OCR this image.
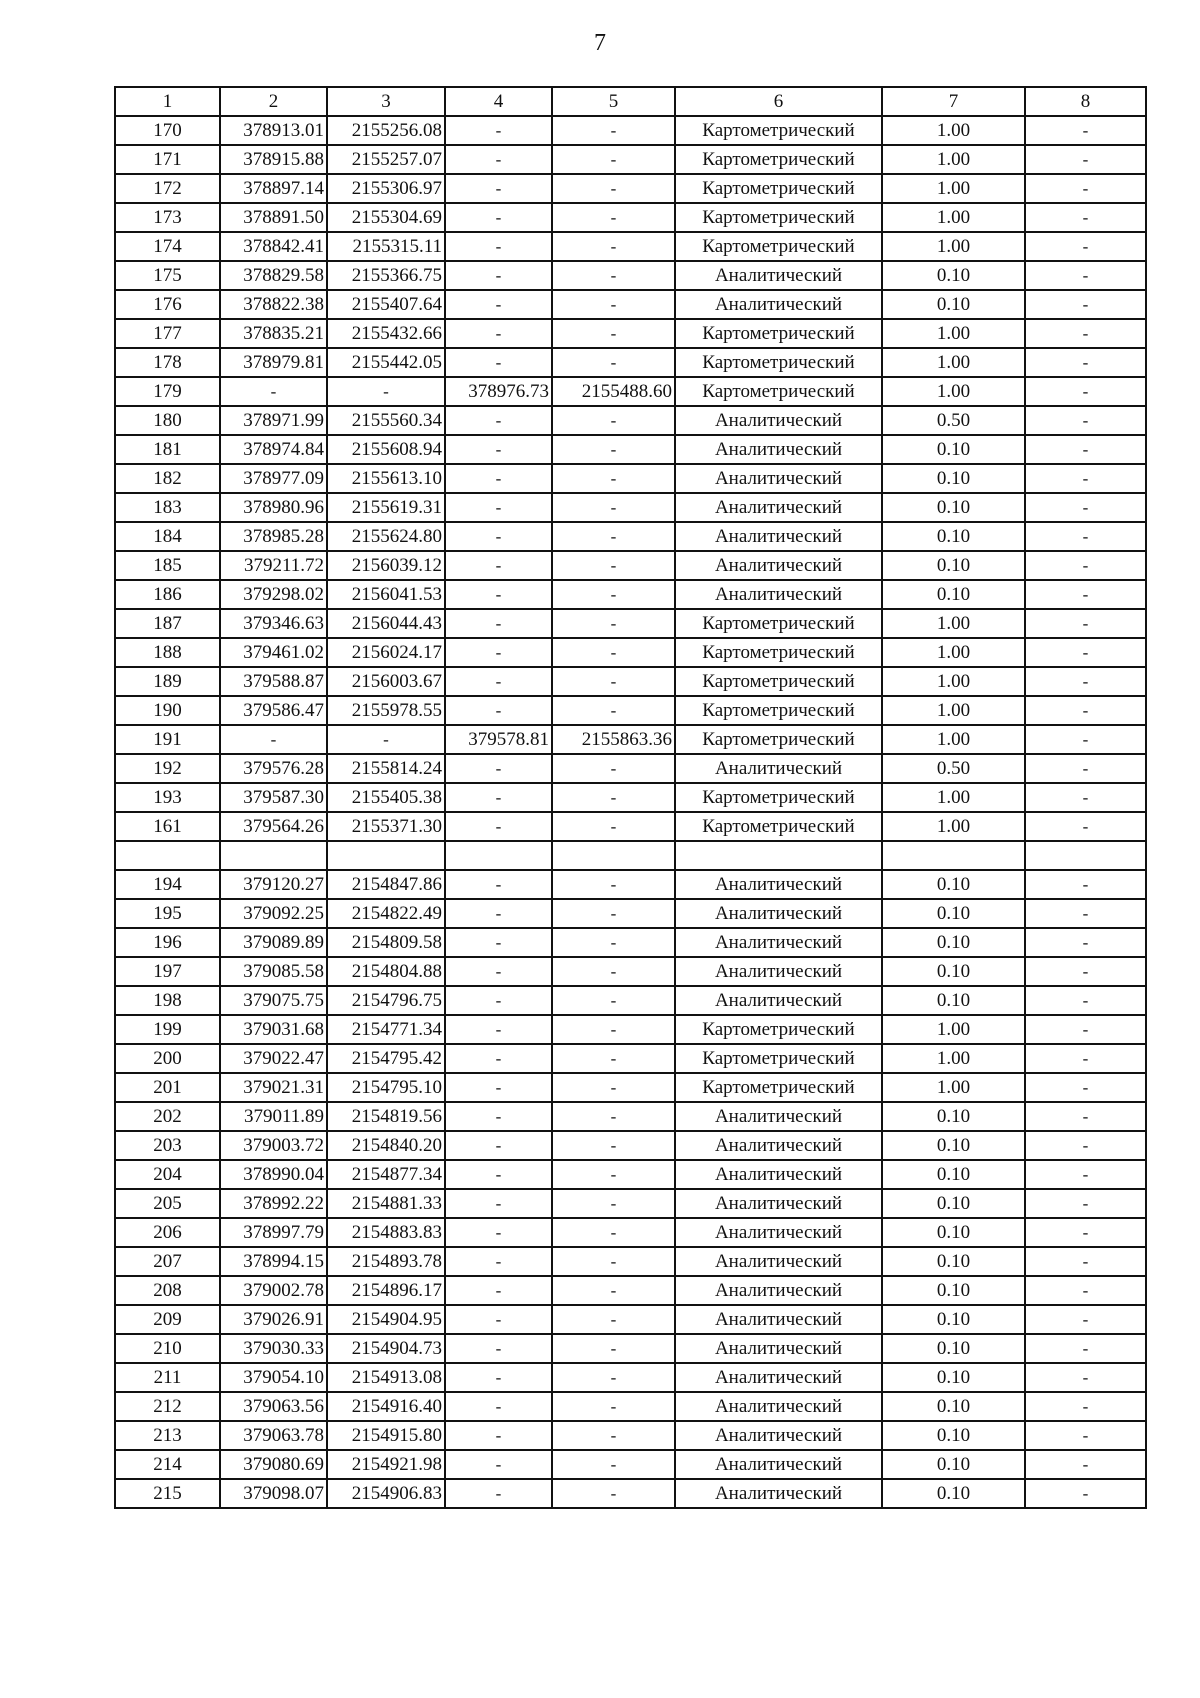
7
1	2	3	4	5	6	7	8
170	378913.01	2155256.08	-	-	Картометрический	1.00	-
171	378915.88	2155257.07	-	-	Картометрический	1.00	-
172	378897.14	2155306.97	-	-	Картометрический	1.00	-
173	378891.50	2155304.69	-	-	Картометрический	1.00	-
174	378842.41	2155315.11	-	-	Картометрический	1.00	-
175	378829.58	2155366.75	-	-	Аналитический	0.10	-
176	378822.38	2155407.64	-	-	Аналитический	0.10	-
177	378835.21	2155432.66	-	-	Картометрический	1.00	-
178	378979.81	2155442.05	-	-	Картометрический	1.00	-
179	-	-	378976.73	2155488.60	Картометрический	1.00	-
180	378971.99	2155560.34	-	-	Аналитический	0.50	-
181	378974.84	2155608.94	-	-	Аналитический	0.10	-
182	378977.09	2155613.10	-	-	Аналитический	0.10	-
183	378980.96	2155619.31	-	-	Аналитический	0.10	-
184	378985.28	2155624.80	-	-	Аналитический	0.10	-
185	379211.72	2156039.12	-	-	Аналитический	0.10	-
186	379298.02	2156041.53	-	-	Аналитический	0.10	-
187	379346.63	2156044.43	-	-	Картометрический	1.00	-
188	379461.02	2156024.17	-	-	Картометрический	1.00	-
189	379588.87	2156003.67	-	-	Картометрический	1.00	-
190	379586.47	2155978.55	-	-	Картометрический	1.00	-
191	-	-	379578.81	2155863.36	Картометрический	1.00	-
192	379576.28	2155814.24	-	-	Аналитический	0.50	-
193	379587.30	2155405.38	-	-	Картометрический	1.00	-
161	379564.26	2155371.30	-	-	Картометрический	1.00	-

194	379120.27	2154847.86	-	-	Аналитический	0.10	-
195	379092.25	2154822.49	-	-	Аналитический	0.10	-
196	379089.89	2154809.58	-	-	Аналитический	0.10	-
197	379085.58	2154804.88	-	-	Аналитический	0.10	-
198	379075.75	2154796.75	-	-	Аналитический	0.10	-
199	379031.68	2154771.34	-	-	Картометрический	1.00	-
200	379022.47	2154795.42	-	-	Картометрический	1.00	-
201	379021.31	2154795.10	-	-	Картометрический	1.00	-
202	379011.89	2154819.56	-	-	Аналитический	0.10	-
203	379003.72	2154840.20	-	-	Аналитический	0.10	-
204	378990.04	2154877.34	-	-	Аналитический	0.10	-
205	378992.22	2154881.33	-	-	Аналитический	0.10	-
206	378997.79	2154883.83	-	-	Аналитический	0.10	-
207	378994.15	2154893.78	-	-	Аналитический	0.10	-
208	379002.78	2154896.17	-	-	Аналитический	0.10	-
209	379026.91	2154904.95	-	-	Аналитический	0.10	-
210	379030.33	2154904.73	-	-	Аналитический	0.10	-
211	379054.10	2154913.08	-	-	Аналитический	0.10	-
212	379063.56	2154916.40	-	-	Аналитический	0.10	-
213	379063.78	2154915.80	-	-	Аналитический	0.10	-
214	379080.69	2154921.98	-	-	Аналитический	0.10	-
215	379098.07	2154906.83	-	-	Аналитический	0.10	-
